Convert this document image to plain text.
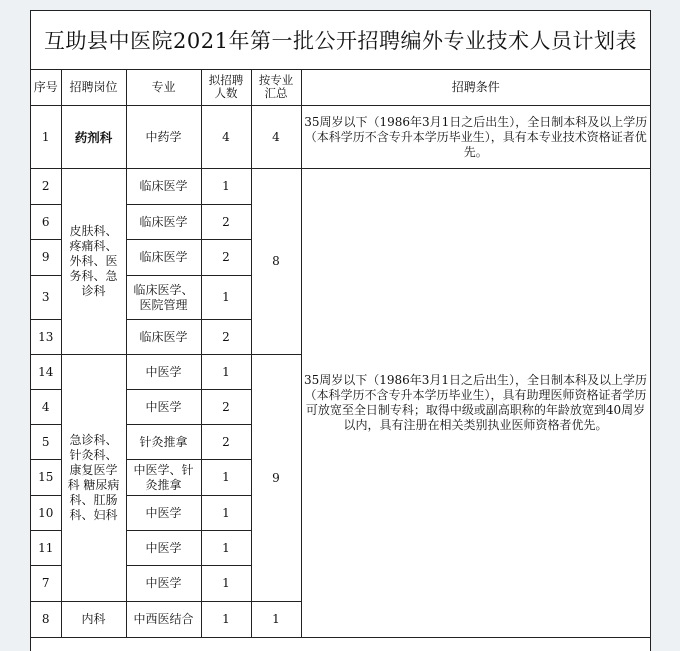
互助县中医院2021年第一批公开招聘编外专业技术人员计划表
序号	招聘岗位	专业	拟招聘人数	按专业汇总	招聘条件	
1	药剂科	中药学	4	4	35周岁以下（1986年3月1日之后出生），全日制本科及以上学历（本科学历不含专升本学历毕业生），具有本专业技术资格证者优先。	
2	皮肤科、疼痛科、外科、医务科、急诊科	临床医学	1	8	35周岁以下（1986年3月1日之后出生），全日制本科及以上学历（本科学历不含专升本学历毕业生），具有助理医师资格证者学历可放宽至全日制专科；取得中级或副高职称的年龄放宽到40周岁以内，具有注册在相关类别执业医师资格者优先。	
6		临床医学	2			
9		临床医学	2			
3		临床医学、医院管理	1			
13		临床医学	2			
14	急诊科、针灸科、康复医学科 糖尿病科、肛肠科、妇科	中医学	1	9		
4		中医学	2			
5		针灸推拿	2			
15		中医学、针灸推拿	1			
10		中医学	1			
11		中医学	1			
7		中医学	1			
8	内科	中西医结合	1	1		
